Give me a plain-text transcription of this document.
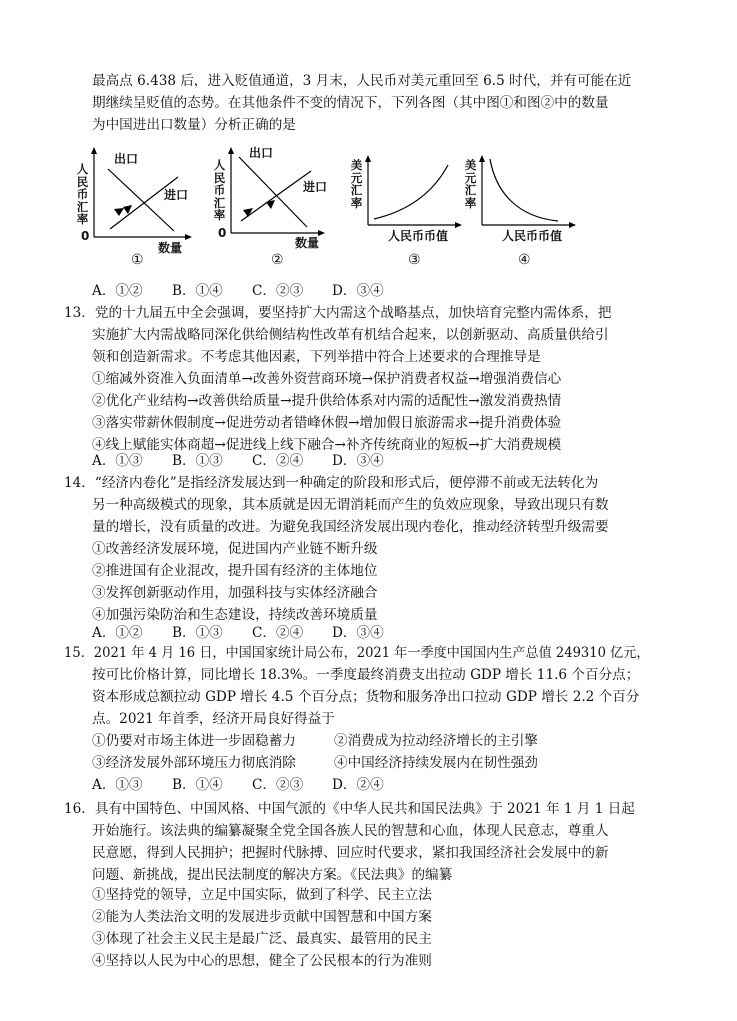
最高点 6.438 后，进入贬值通道，3 月末，人民币对美元重回至 6.5 时代，并有可能在近
期继续呈贬值的态势。在其他条件不变的情况下，下列各图（其中图①和图②中的数量
为中国进出口数量）分析正确的是
人民币汇率
0
出口
进口
数量
①
人民币汇率
0
出口
进口
数量
②
美元汇率
人民币币值
③
美元汇率
人民币币值
④
A．①② B．①④ C．②③ D．③④
13．党的十九届五中全会强调，要坚持扩大内需这个战略基点，加快培育完整内需体系，把
实施扩大内需战略同深化供给侧结构性改革有机结合起来，以创新驱动、高质量供给引
领和创造新需求。不考虑其他因素，下列举措中符合上述要求的合理推导是
①缩减外资准入负面清单→改善外资营商环境→保护消费者权益→增强消费信心
②优化产业结构→改善供给质量→提升供给体系对内需的适配性→激发消费热情
③落实带薪休假制度→促进劳动者错峰休假→增加假日旅游需求→提升消费体验
④线上赋能实体商超→促进线上线下融合→补齐传统商业的短板→扩大消费规模
A．①③ B．①③ C．②④ D．③④
14．“经济内卷化”是指经济发展达到一种确定的阶段和形式后，便停滞不前或无法转化为
另一种高级模式的现象，其本质就是因无谓消耗而产生的负效应现象，导致出现只有数
量的增长，没有质量的改进。为避免我国经济发展出现内卷化，推动经济转型升级需要
①改善经济发展环境，促进国内产业链不断升级
②推进国有企业混改，提升国有经济的主体地位
③发挥创新驱动作用，加强科技与实体经济融合
④加强污染防治和生态建设，持续改善环境质量
A．①② B．①③ C．②④ D．③④
15．2021 年 4 月 16 日，中国国家统计局公布，2021 年一季度中国国内生产总值 249310 亿元，
按可比价格计算，同比增长 18.3%。一季度最终消费支出拉动 GDP 增长 11.6 个百分点；
资本形成总额拉动 GDP 增长 4.5 个百分点；货物和服务净出口拉动 GDP 增长 2.2 个百分
点。2021 年首季，经济开局良好得益于
①仍要对市场主体进一步固稳蓄力	②消费成为拉动经济增长的主引擎
③经济发展外部环境压力彻底消除	④中国经济持续发展内在韧性强劲
A．①③ B．①④ C．②③ D．②④
16．具有中国特色、中国风格、中国气派的《中华人民共和国民法典》于 2021 年 1 月 1 日起
开始施行。该法典的编纂凝聚全党全国各族人民的智慧和心血，体现人民意志，尊重人
民意愿，得到人民拥护；把握时代脉搏、回应时代要求，紧扣我国经济社会发展中的新
问题、新挑战，提出民法制度的解决方案。《民法典》的编纂
①坚持党的领导，立足中国实际，做到了科学、民主立法
②能为人类法治文明的发展进步贡献中国智慧和中国方案
③体现了社会主义民主是最广泛、最真实、最管用的民主
④坚持以人民为中心的思想，健全了公民根本的行为准则
